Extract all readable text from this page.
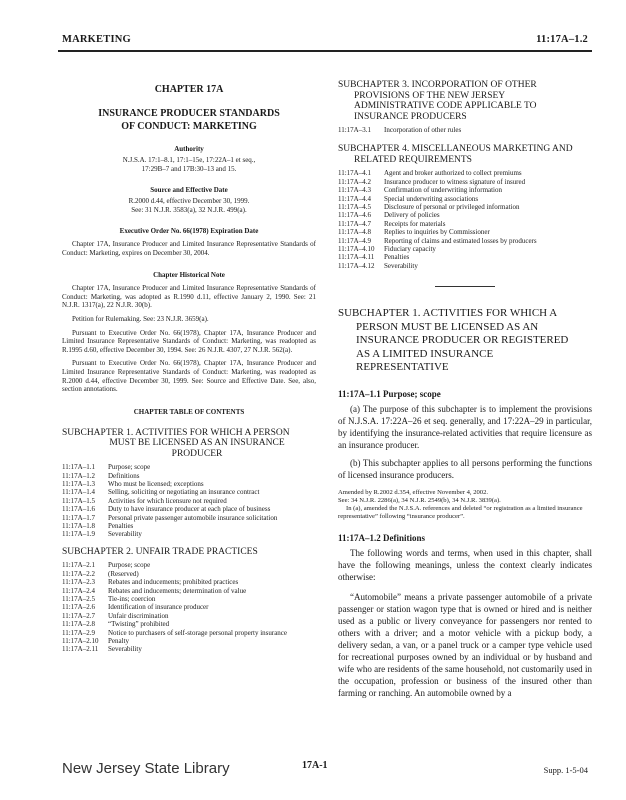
MARKETING	11:17A–1.2
CHAPTER 17A
INSURANCE PRODUCER STANDARDS
OF CONDUCT: MARKETING
Authority
N.J.S.A. 17:1–8.1, 17:1–15e, 17:22A–1 et seq.,
17:29B–7 and 17B:30–13 and 15.
Source and Effective Date
R.2000 d.44, effective December 30, 1999.
See: 31 N.J.R. 3583(a), 32 N.J.R. 499(a).
Executive Order No. 66(1978) Expiration Date
Chapter 17A, Insurance Producer and Limited Insurance Representative Standards of Conduct: Marketing, expires on December 30, 2004.
Chapter Historical Note
Chapter 17A, Insurance Producer and Limited Insurance Representative Standards of Conduct: Marketing, was adopted as R.1990 d.11, effective January 2, 1990. See: 21 N.J.R. 1317(a), 22 N.J.R. 30(b).
Petition for Rulemaking. See: 23 N.J.R. 3659(a).
Pursuant to Executive Order No. 66(1978), Chapter 17A, Insurance Producer and Limited Insurance Representative Standards of Conduct: Marketing, was readopted as R.1995 d.60, effective December 30, 1994. See: 26 N.J.R. 4307, 27 N.J.R. 562(a).
Pursuant to Executive Order No. 66(1978), Chapter 17A, Insurance Producer and Limited Insurance Representative Standards of Conduct: Marketing, was readopted as R.2000 d.44, effective December 30, 1999. See: Source and Effective Date. See, also, section annotations.
CHAPTER TABLE OF CONTENTS
SUBCHAPTER 1. ACTIVITIES FOR WHICH A PERSON
MUST BE LICENSED AS AN INSURANCE
PRODUCER
11:17A–1.1	Purpose; scope
11:17A–1.2	Definitions
11:17A–1.3	Who must be licensed; exceptions
11:17A–1.4	Selling, soliciting or negotiating an insurance contract
11:17A–1.5	Activities for which licensure not required
11:17A–1.6	Duty to have insurance producer at each place of business
11:17A–1.7	Personal private passenger automobile insurance solicitation
11:17A–1.8	Penalties
11:17A–1.9	Severability
SUBCHAPTER 2. UNFAIR TRADE PRACTICES
11:17A–2.1	Purpose; scope
11:17A–2.2	(Reserved)
11:17A–2.3	Rebates and inducements; prohibited practices
11:17A–2.4	Rebates and inducements; determination of value
11:17A–2.5	Tie-ins; coercion
11:17A–2.6	Identification of insurance producer
11:17A–2.7	Unfair discrimination
11:17A–2.8	“Twisting” prohibited
11:17A–2.9	Notice to purchasers of self-storage personal property insurance
11:17A–2.10	Penalty
11:17A–2.11	Severability
SUBCHAPTER 3. INCORPORATION OF OTHER
PROVISIONS OF THE NEW JERSEY
ADMINISTRATIVE CODE APPLICABLE TO
INSURANCE PRODUCERS
11:17A–3.1	Incorporation of other rules
SUBCHAPTER 4. MISCELLANEOUS MARKETING AND
RELATED REQUIREMENTS
11:17A–4.1	Agent and broker authorized to collect premiums
11:17A–4.2	Insurance producer to witness signature of insured
11:17A–4.3	Confirmation of underwriting information
11:17A–4.4	Special underwriting associations
11:17A–4.5	Disclosure of personal or privileged information
11:17A–4.6	Delivery of policies
11:17A–4.7	Receipts for materials
11:17A–4.8	Replies to inquiries by Commissioner
11:17A–4.9	Reporting of claims and estimated losses by producers
11:17A–4.10	Fiduciary capacity
11:17A–4.11	Penalties
11:17A–4.12	Severability
SUBCHAPTER 1. ACTIVITIES FOR WHICH A
PERSON MUST BE LICENSED AS AN
INSURANCE PRODUCER OR REGISTERED
AS A LIMITED INSURANCE
REPRESENTATIVE
11:17A–1.1 Purpose; scope
(a) The purpose of this subchapter is to implement the provisions of N.J.S.A. 17:22A–26 et seq. generally, and 17:22A–29 in particular, by identifying the insurance-related activities that require licensure as an insurance producer.
(b) This subchapter applies to all persons performing the functions of licensed insurance producers.
Amended by R.2002 d.354, effective November 4, 2002.
See: 34 N.J.R. 2286(a), 34 N.J.R. 2549(b), 34 N.J.R. 3839(a).
In (a), amended the N.J.S.A. references and deleted “or registration as a limited insurance representative” following “insurance producer”.
11:17A–1.2 Definitions
The following words and terms, when used in this chapter, shall have the following meanings, unless the context clearly indicates otherwise:
“Automobile” means a private passenger automobile of a private passenger or station wagon type that is owned or hired and is neither used as a public or livery conveyance for passengers nor rented to others with a driver; and a motor vehicle with a pickup body, a delivery sedan, a van, or a panel truck or a camper type vehicle used for recreational purposes owned by an individual or by husband and wife who are residents of the same household, not customarily used in the occupation, profession or business of the insured other than farming or ranching. An automobile owned by a
New Jersey State Library	17A-1	Supp. 1-5-04
